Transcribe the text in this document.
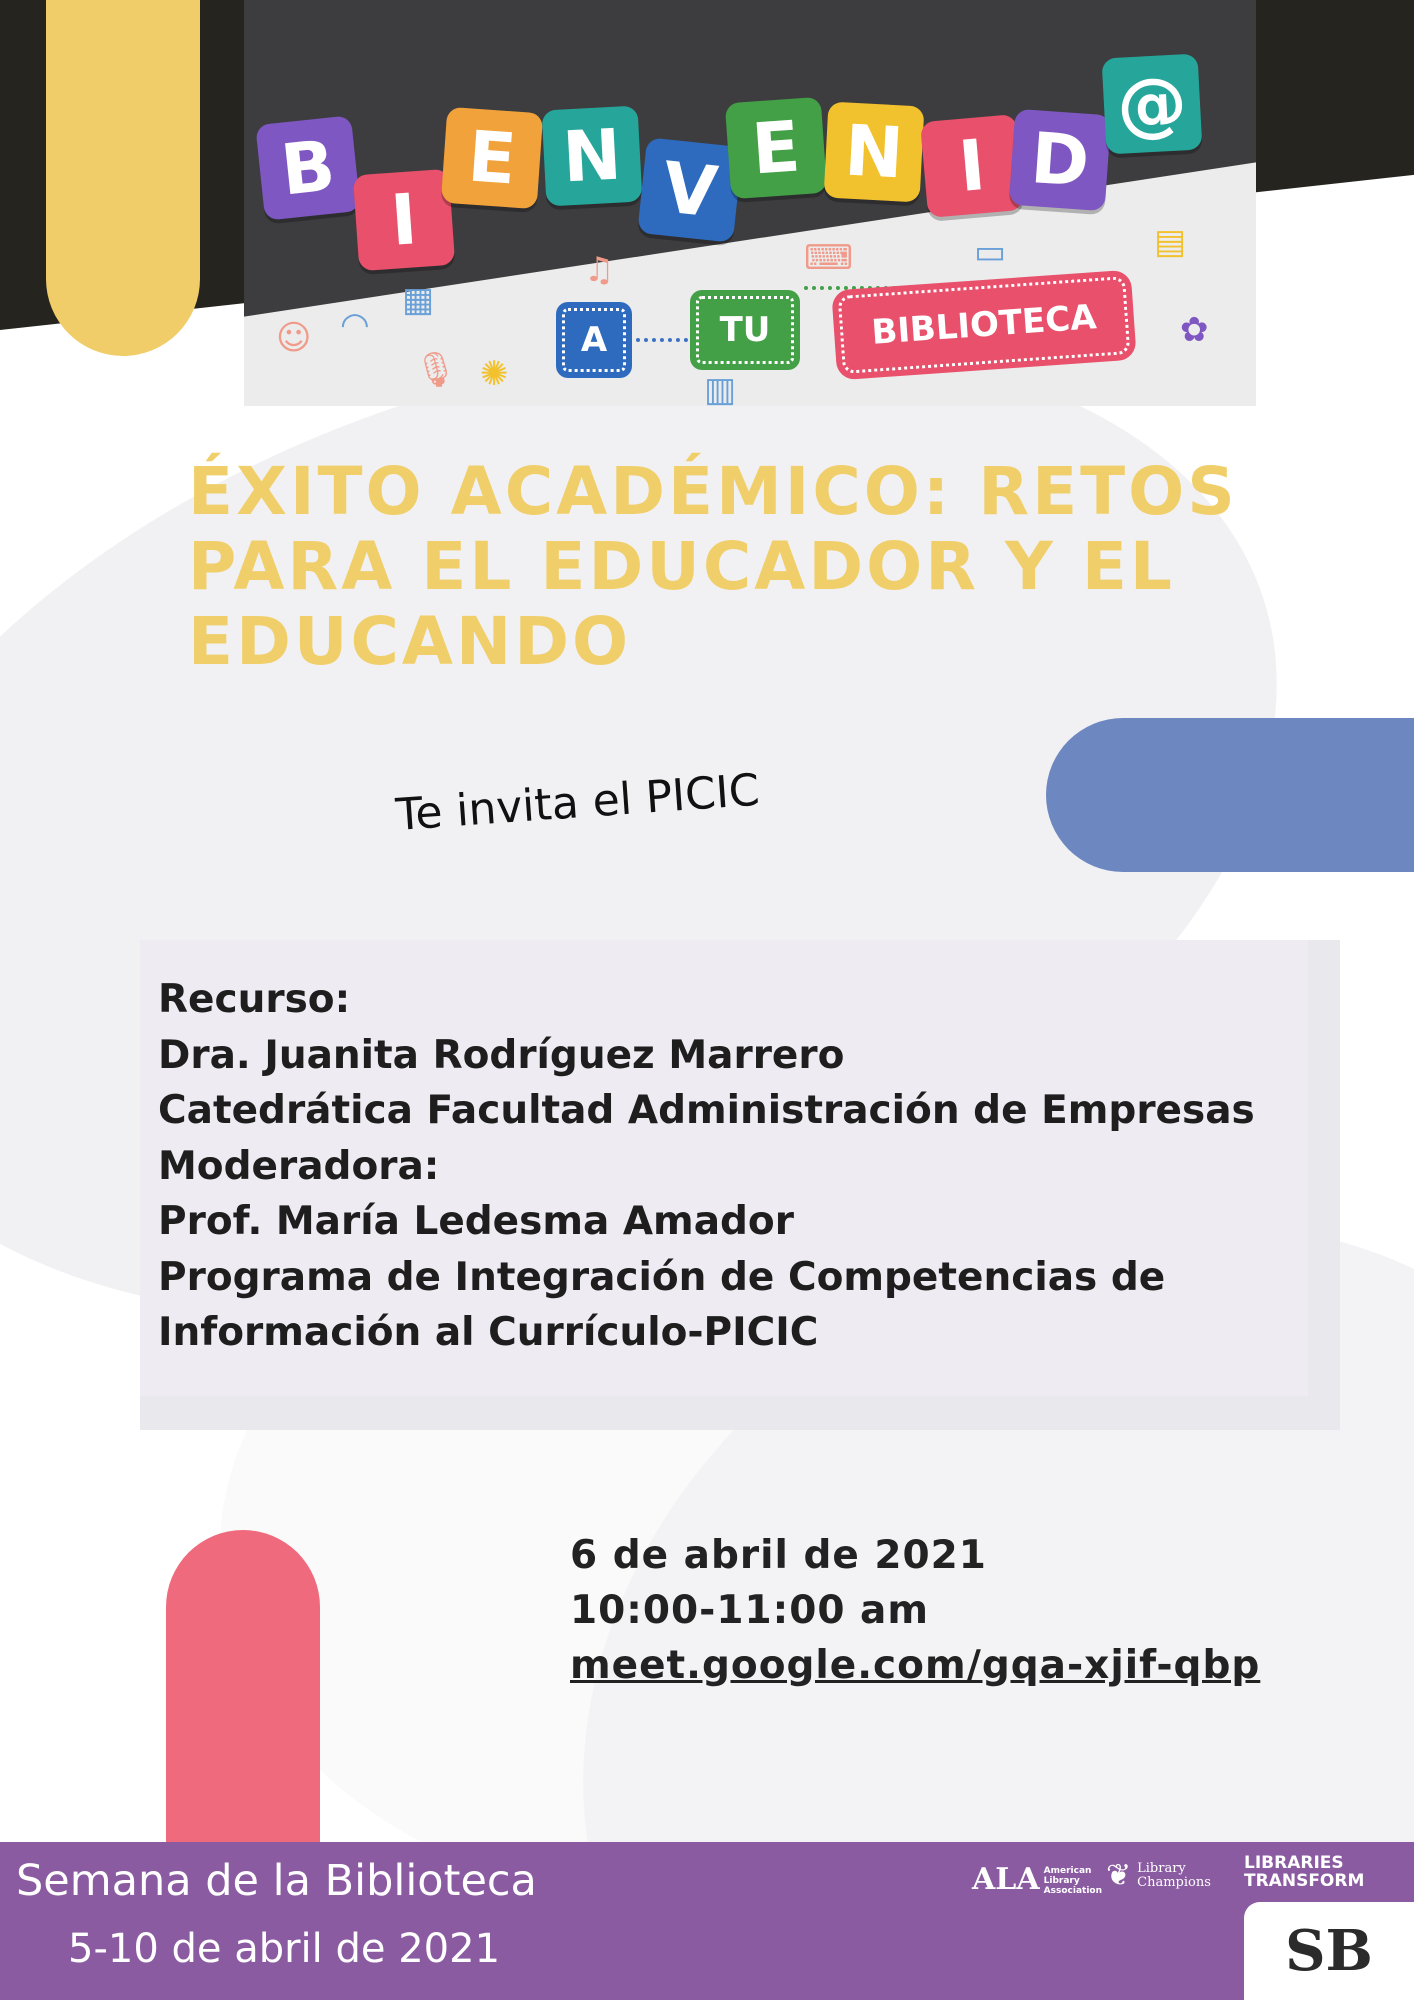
B
I
E N V E N I D
@
☺ ◠
▦
🎙︎ ✺
♫	⌨	▭	▤
✿
▥
A	TU	BIBLIOTECA
ÉXITO ACADÉMICO: RETOS
PARA EL EDUCADOR Y EL
EDUCANDO
Te invita el PICIC
Recurso:
Dra. Juanita Rodríguez Marrero
Catedrática Facultad Administración de Empresas
Moderadora:
Prof. María Ledesma Amador
Programa de Integración de Competencias de
Información al Currículo-PICIC
6 de abril de 2021
10:00-11:00 am
meet.google.com/gqa-xjif-qbp
Semana de la Biblioteca
5-10 de abril de 2021
ALA American Library Association ❦ Library Champions
LIBRARIES
TRANSFORM
SB
